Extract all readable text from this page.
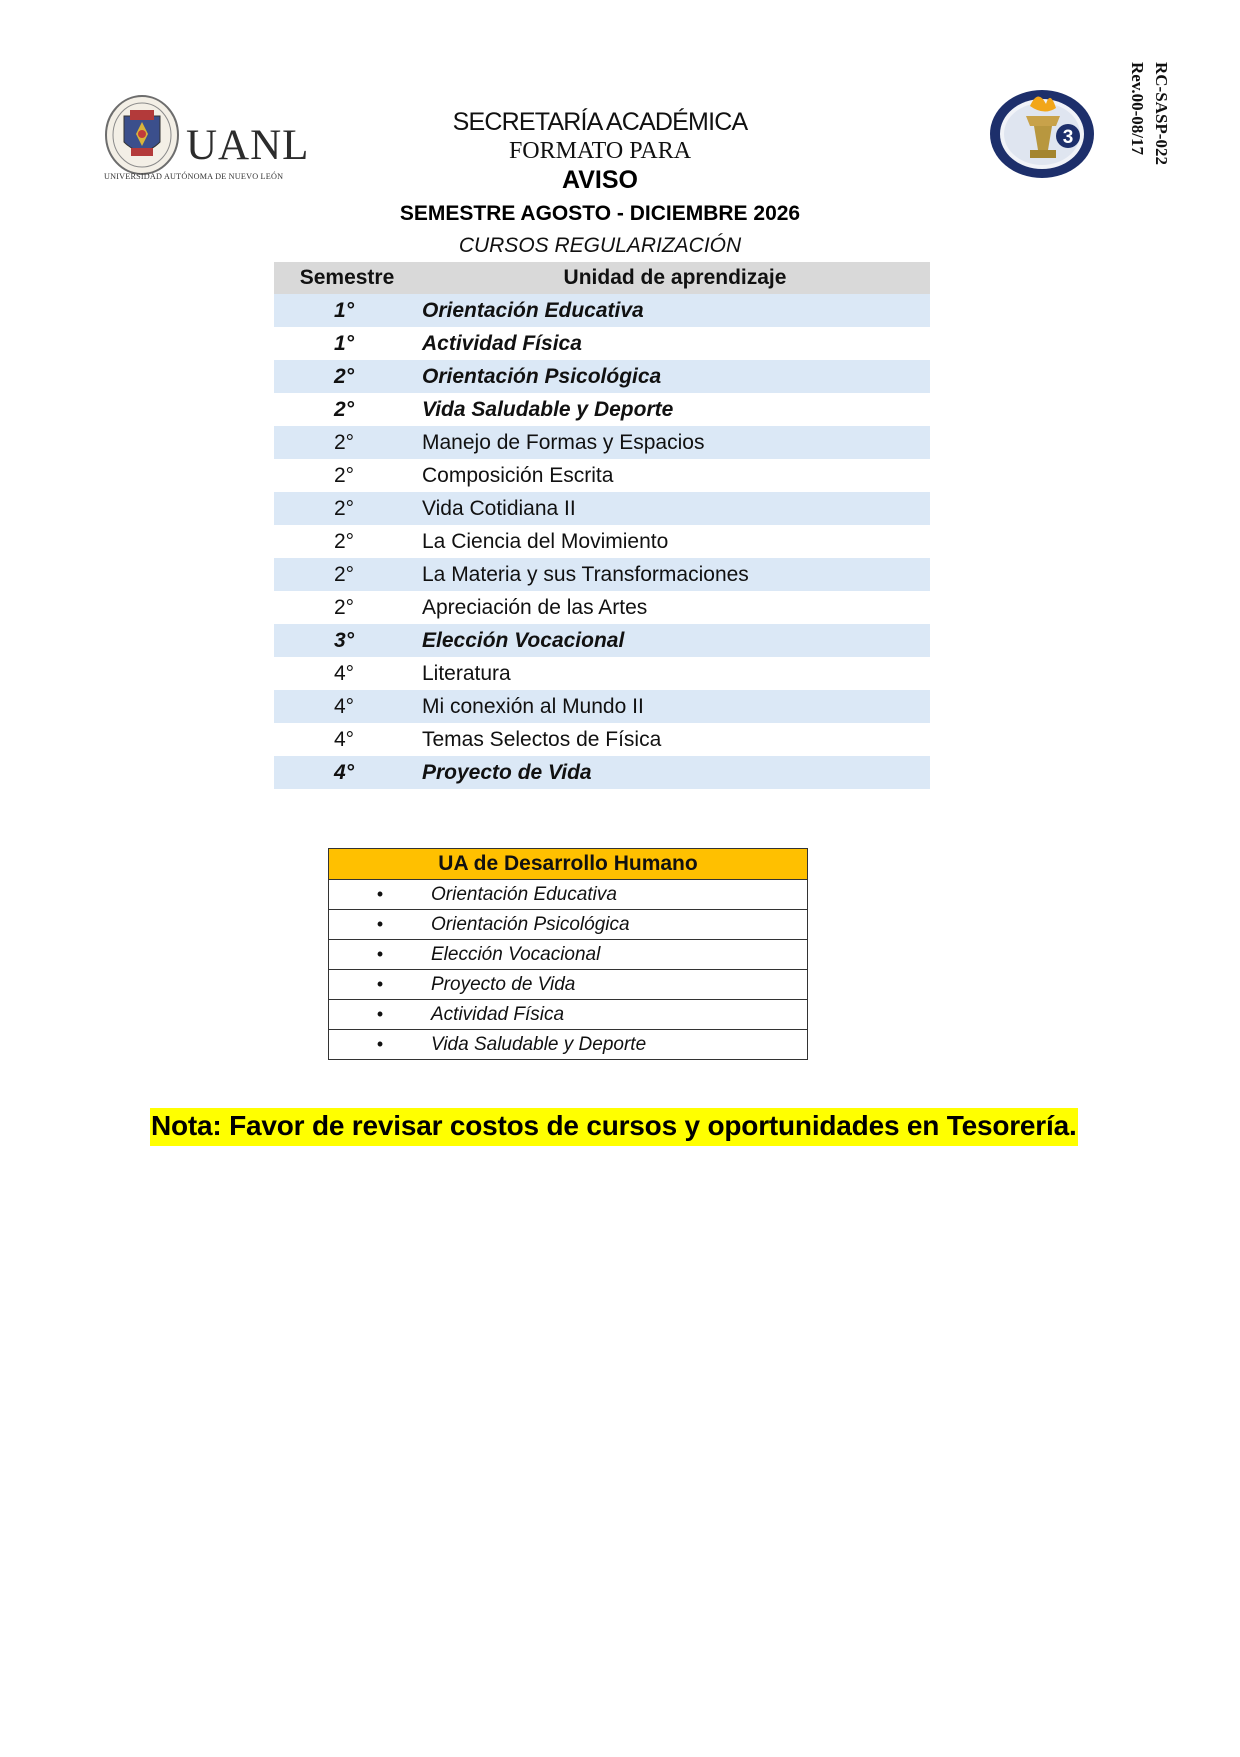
UANL
UNIVERSIDAD AUTÓNOMA DE NUEVO LEÓN
3	RC-SASP-022
Rev.00-08/17
SECRETARÍA ACADÉMICA
FORMATO PARA
AVISO
SEMESTRE AGOSTO - DICIEMBRE 2026
CURSOS REGULARIZACIÓN
Semestre	Unidad de aprendizaje
1°	Orientación Educativa
1°	Actividad Física
2°	Orientación Psicológica
2°	Vida Saludable y Deporte
2°	Manejo de Formas y Espacios
2°	Composición Escrita
2°	Vida Cotidiana II
2°	La Ciencia del Movimiento
2°	La Materia y sus Transformaciones
2°	Apreciación de las Artes
3°	Elección Vocacional
4°	Literatura
4°	Mi conexión al Mundo II
4°	Temas Selectos de Física
4°	Proyecto de Vida
UA de Desarrollo Humano
•	Orientación Educativa
•	Orientación Psicológica
•	Elección Vocacional
•	Proyecto de Vida
•	Actividad Física
•	Vida Saludable y Deporte
Nota: Favor de revisar costos de cursos y oportunidades en Tesorería.
